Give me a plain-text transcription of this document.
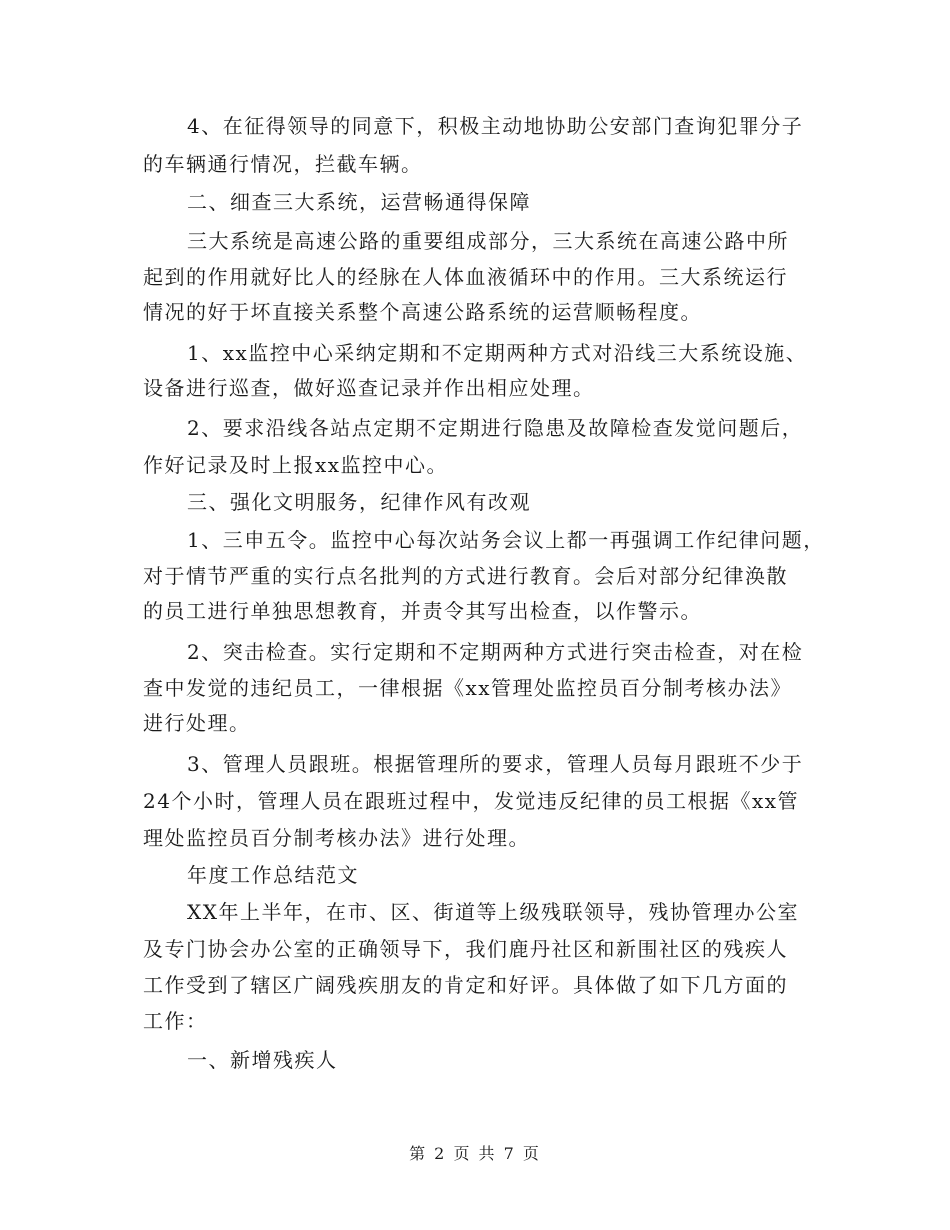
4、在征得领导的同意下，积极主动地协助公安部门查询犯罪分子
的车辆通行情况，拦截车辆。
二、细查三大系统，运营畅通得保障
三大系统是高速公路的重要组成部分，三大系统在高速公路中所
起到的作用就好比人的经脉在人体血液循环中的作用。三大系统运行
情况的好于坏直接关系整个高速公路系统的运营顺畅程度。
1、xx监控中心采纳定期和不定期两种方式对沿线三大系统设施、
设备进行巡查，做好巡查记录并作出相应处理。
2、要求沿线各站点定期不定期进行隐患及故障检查发觉问题后，
作好记录及时上报xx监控中心。
三、强化文明服务，纪律作风有改观
1、三申五令。监控中心每次站务会议上都一再强调工作纪律问题，
对于情节严重的实行点名批判的方式进行教育。会后对部分纪律涣散
的员工进行单独思想教育，并责令其写出检查，以作警示。
2、突击检查。实行定期和不定期两种方式进行突击检查，对在检
查中发觉的违纪员工，一律根据《xx管理处监控员百分制考核办法》
进行处理。
3、管理人员跟班。根据管理所的要求，管理人员每月跟班不少于
24个小时，管理人员在跟班过程中，发觉违反纪律的员工根据《xx管
理处监控员百分制考核办法》进行处理。
年度工作总结范文
XX年上半年，在市、区、街道等上级残联领导，残协管理办公室
及专门协会办公室的正确领导下，我们鹿丹社区和新围社区的残疾人
工作受到了辖区广阔残疾朋友的肯定和好评。具体做了如下几方面的
工作：
一、新增残疾人
第 2 页 共 7 页
